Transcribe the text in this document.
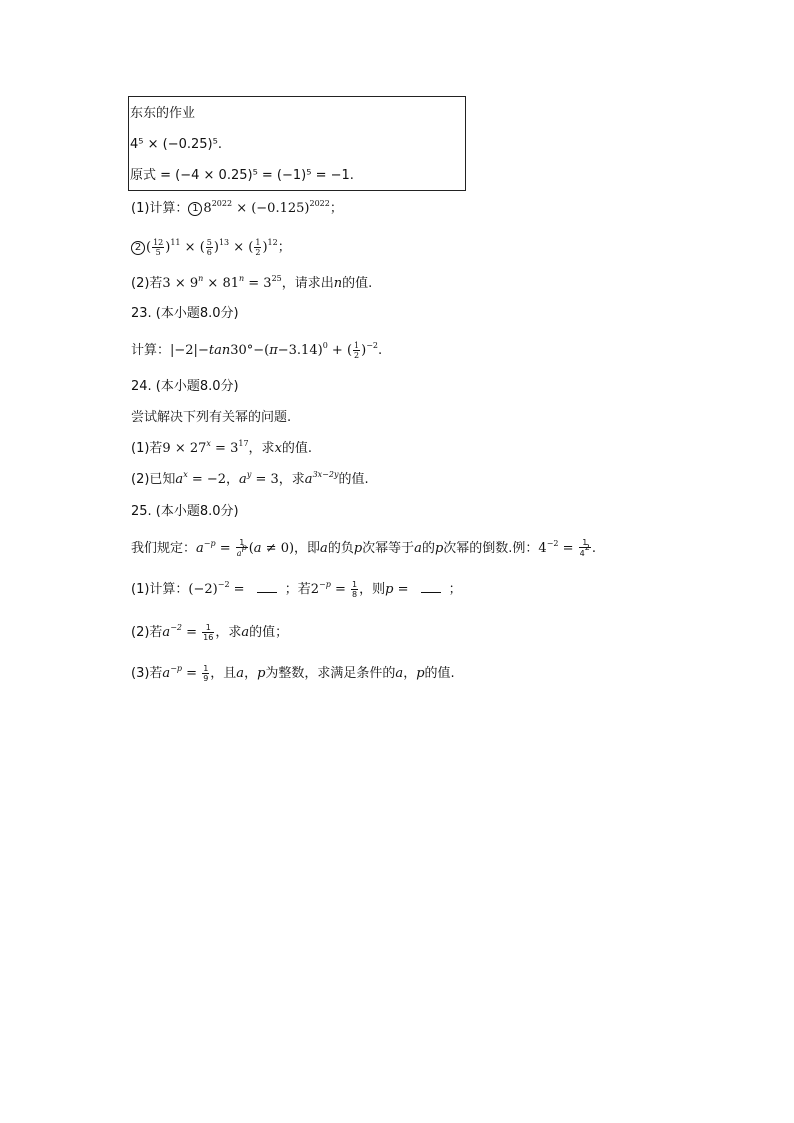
东东的作业
4⁵ × (−0.25)⁵.
原式 = (−4 × 0.25)⁵ = (−1)⁵ = −1.
(1)计算： 1 $8^{2022} \times (-0.125)^{2022}$；
2 ( $\frac{12}{5} )^{11}$ × ( $\frac{5}{6} )^{13}$ × ( $\frac{1}{2} )^{12}$；
(2)若$3 \times 9^n \times 81^n = 3^{25}$，请求出n的值.
23. (本小题8.0分)
计算：$|-2|-\tan 30^\circ-(\pi-3.14)^0$ + ( $\frac{1}{2} )^{-2}$.
24. (本小题8.0分)
尝试解决下列有关幂的问题.
(1)若$9 \times 27^x = 3^{17}$，求x的值.
(2)已知$a^x = -2$，$a^y = 3$，求$a^{3x-2y}$的值.
25. (本小题8.0分)
我们规定：$a^{-p} = \frac{1}{a^p} (a \ne 0)$，即a的负p次幂等于a的p次幂的倒数.例：$4^{-2} = \frac{1}{4^2}$ .
(1)计算：$(-2)^{-2}$ =	；若$2^{-p} = \frac{1}{8}$ ，则p =	；
(2)若$a^{-2} = \frac{1}{16}$ ，求a的值；
(3)若$a^{-p} = \frac{1}{9}$ ，且a，p为整数，求满足条件的a，p的值.
